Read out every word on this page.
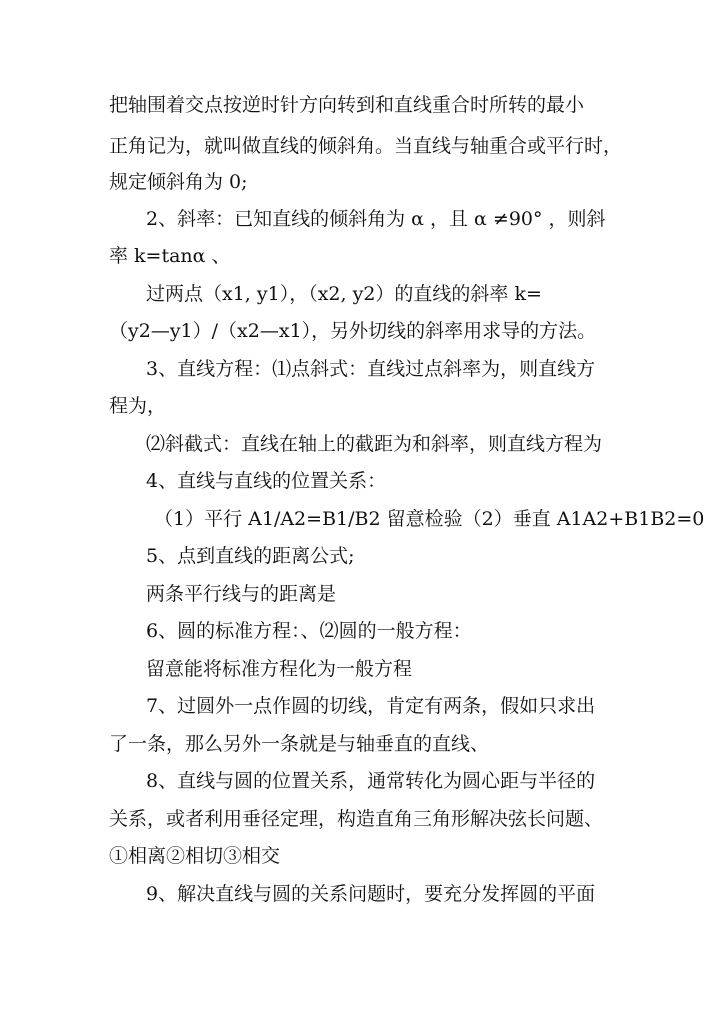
把轴围着交点按逆时针方向转到和直线重合时所转的最小
正角记为，就叫做直线的倾斜角。当直线与轴重合或平行时，
规定倾斜角为 0;
2、斜率：已知直线的倾斜角为 α ，且 α ≠90° ，则斜
率 k=tanα 、
过两点（x1, y1），（x2, y2）的直线的斜率 k=
（y2—y1）/（x2—x1），另外切线的斜率用求导的方法。
3、直线方程：⑴点斜式：直线过点斜率为，则直线方
程为，
⑵斜截式：直线在轴上的截距为和斜率，则直线方程为
4、直线与直线的位置关系：
（1）平行 A1/A2=B1/B2 留意检验（2）垂直 A1A2+B1B2=0
5、点到直线的距离公式;
两条平行线与的距离是
6、圆的标准方程：、⑵圆的一般方程：
留意能将标准方程化为一般方程
7、过圆外一点作圆的切线，肯定有两条，假如只求出
了一条，那么另外一条就是与轴垂直的直线、
8、直线与圆的位置关系，通常转化为圆心距与半径的
关系，或者利用垂径定理，构造直角三角形解决弦长问题、
①相离②相切③相交
9、解决直线与圆的关系问题时，要充分发挥圆的平面
